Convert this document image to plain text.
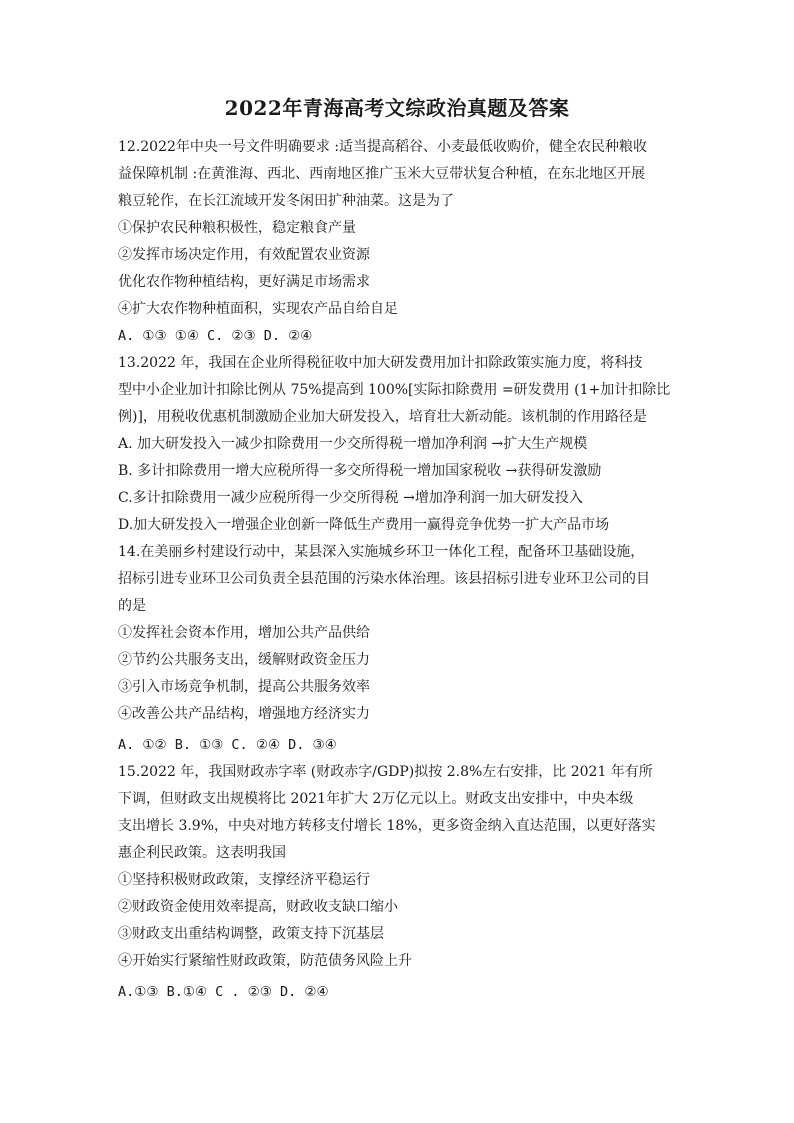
2022年青海高考文综政治真题及答案
12.2022年中央一号文件明确要求 :适当提高稻谷、小麦最低收购价，健全农民种粮收
益保障机制 :在黄淮海、西北、西南地区推广玉米大豆带状复合种植，在东北地区开展
粮豆轮作，在长江流域开发冬闲田扩种油菜。这是为了
①保护农民种粮积极性，稳定粮食产量
②发挥市场决定作用，有效配置农业资源
优化农作物种植结构，更好满足市场需求
④扩大农作物种植面积，实现农产品自给自足
A. ①③ ①④ C. ②③ D. ②④
13.2022 年，我国在企业所得税征收中加大研发费用加计扣除政策实施力度，将科技
型中小企业加计扣除比例从 75%提高到 100%[实际扣除费用 =研发费用 (1+加计扣除比
例)]，用税收优惠机制激励企业加大研发投入，培育壮大新动能。该机制的作用路径是
A. 加大研发投入一减少扣除费用一少交所得税一增加净利润 →扩大生产规模
B. 多计扣除费用一增大应税所得一多交所得税一增加国家税收 →获得研发激励
C.多计扣除费用一减少应税所得一少交所得税 →增加净利润一加大研发投入
D.加大研发投入一增强企业创新一降低生产费用一赢得竞争优势一扩大产品市场
14.在美丽乡村建设行动中，某县深入实施城乡环卫一体化工程，配备环卫基础设施，
招标引进专业环卫公司负责全县范围的污染水体治理。该县招标引进专业环卫公司的目
的是
①发挥社会资本作用，增加公共产品供给
②节约公共服务支出，缓解财政资金压力
③引入市场竞争机制，提高公共服务效率
④改善公共产品结构，增强地方经济实力
A. ①② B. ①③ C. ②④ D. ③④
15.2022 年，我国财政赤字率 (财政赤字/GDP)拟按 2.8%左右安排，比 2021 年有所
下调，但财政支出规模将比 2021年扩大 2万亿元以上。财政支出安排中，中央本级
支出增长 3.9%，中央对地方转移支付增长 18%，更多资金纳入直达范围，以更好落实
惠企利民政策。这表明我国
①坚持积极财政政策，支撑经济平稳运行
②财政资金使用效率提高，财政收支缺口缩小
③财政支出重结构调整，政策支持下沉基层
④开始实行紧缩性财政政策，防范债务风险上升
A.①③ B.①④ C . ②③ D. ②④
